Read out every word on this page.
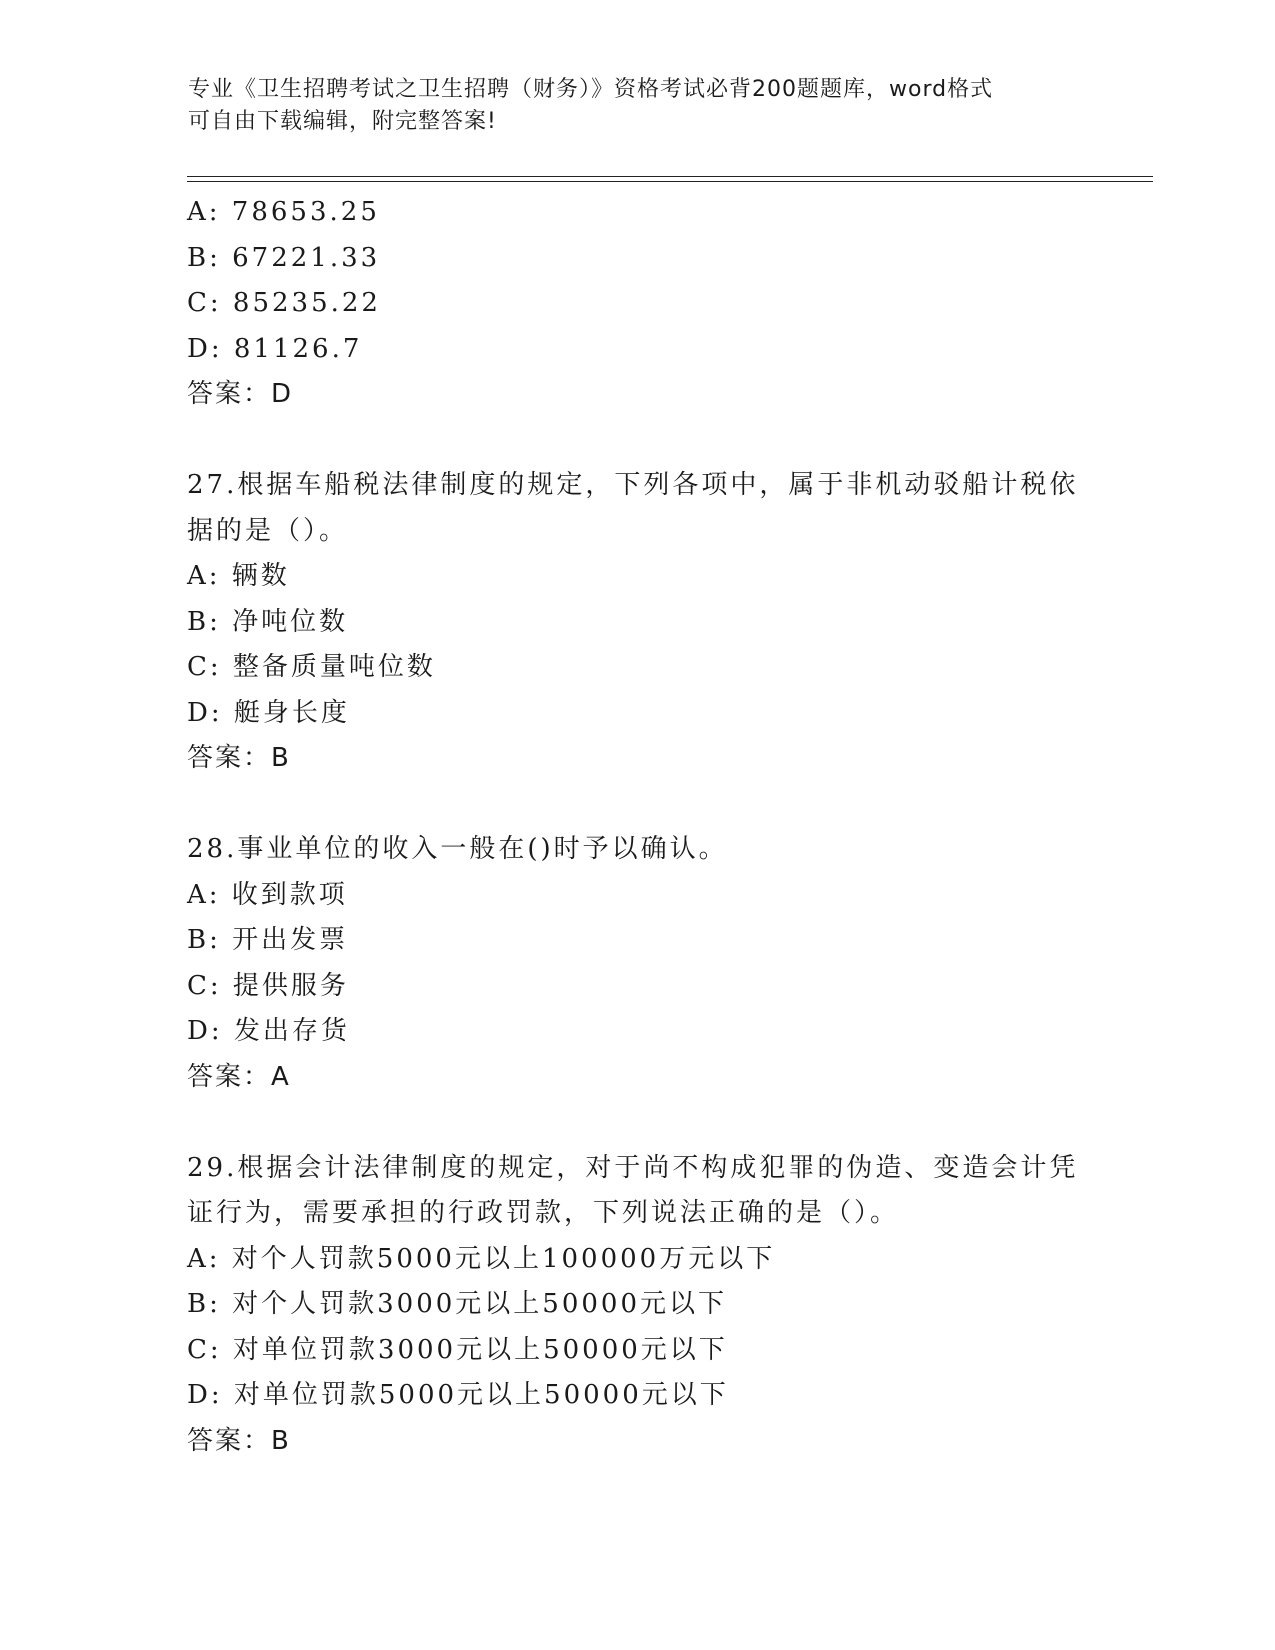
专业《卫生招聘考试之卫生招聘（财务）》资格考试必背200题题库，word格式
可自由下载编辑，附完整答案!
A: 78653.25
B: 67221.33
C: 85235.22
D: 81126.7
答案：D
27.根据车船税法律制度的规定，下列各项中，属于非机动驳船计税依
据的是（）。
A: 辆数
B: 净吨位数
C: 整备质量吨位数
D: 艇身长度
答案：B
28.事业单位的收入一般在()时予以确认。
A: 收到款项
B: 开出发票
C: 提供服务
D: 发出存货
答案：A
29.根据会计法律制度的规定，对于尚不构成犯罪的伪造、变造会计凭
证行为，需要承担的行政罚款，下列说法正确的是（）。
A: 对个人罚款5000元以上100000万元以下
B: 对个人罚款3000元以上50000元以下
C: 对单位罚款3000元以上50000元以下
D: 对单位罚款5000元以上50000元以下
答案：B
